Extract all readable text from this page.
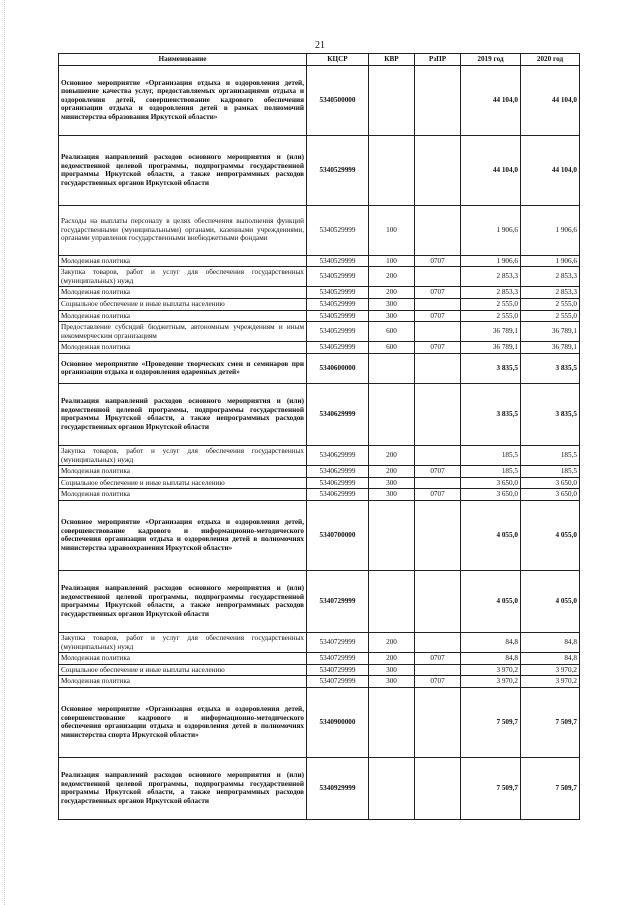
21
Наименование	КЦСР	КВР	РзПР	2019 год	2020 год
Основное мероприятие «Организация отдыха и оздоровления детей, повышение качества услуг, предоставляемых организациями отдыха и оздоровления детей, совершенствование кадрового обеспечения организации отдыха и оздоровления детей в рамках полномочий министерства образования Иркутской области»	5340500000			44 104,0	44 104,0
Реализация направлений расходов основного мероприятия и (или) ведомственной целевой программы, подпрограммы государственной программы Иркутской области, а также непрограммных расходов государственных органов Иркутской области	5340529999			44 104,0	44 104,0
Расходы на выплаты персоналу в целях обеспечения выполнения функций государственными (муниципальными) органами, казенными учреждениями, органами управления государственными внебюджетными фондами	5340529999	100		1 906,6	1 906,6
Молодежная политика	5340529999	100	0707	1 906,6	1 906,6
Закупка товаров, работ и услуг для обеспечения государственных (муниципальных) нужд	5340529999	200		2 853,3	2 853,3
Молодежная политика	5340529999	200	0707	2 853,3	2 853,3
Социальное обеспечение и иные выплаты населению	5340529999	300		2 555,0	2 555,0
Молодежная политика	5340529999	300	0707	2 555,0	2 555,0
Предоставление субсидий бюджетным, автономным учреждениям и иным некоммерческим организациям	5340529999	600		36 789,1	36 789,1
Молодежная политика	5340529999	600	0707	36 789,1	36 789,1
Основное мероприятие «Проведение творческих смен и семинаров при организации отдыха и оздоровления одаренных детей»	5340600000			3 835,5	3 835,5
Реализация направлений расходов основного мероприятия и (или) ведомственной целевой программы, подпрограммы государственной программы Иркутской области, а также непрограммных расходов государственных органов Иркутской области	5340629999			3 835,5	3 835,5
Закупка товаров, работ и услуг для обеспечения государственных (муниципальных) нужд	5340629999	200		185,5	185,5
Молодежная политика	5340629999	200	0707	185,5	185,5
Социальное обеспечение и иные выплаты населению	5340629999	300		3 650,0	3 650,0
Молодежная политика	5340629999	300	0707	3 650,0	3 650,0
Основное мероприятие «Организация отдыха и оздоровления детей, совершенствование кадрового и информационно-методического обеспечения организации отдыха и оздоровления детей в полномочиях министерства здравоохранения Иркутской области»	5340700000			4 055,0	4 055,0
Реализация направлений расходов основного мероприятия и (или) ведомственной целевой программы, подпрограммы государственной программы Иркутской области, а также непрограммных расходов государственных органов Иркутской области	5340729999			4 055,0	4 055,0
Закупка товаров, работ и услуг для обеспечения государственных (муниципальных) нужд	5340729999	200		84,8	84,8
Молодежная политика	5340729999	200	0707	84,8	84,8
Социальное обеспечение и иные выплаты населению	5340729999	300		3 970,2	3 970,2
Молодежная политика	5340729999	300	0707	3 970,2	3 970,2
Основное мероприятие «Организация отдыха и оздоровления детей, совершенствование кадрового и информационно-методического обеспечения организации отдыха и оздоровления детей в полномочиях министерства спорта Иркутской области»	5340900000			7 509,7	7 509,7
Реализация направлений расходов основного мероприятия и (или) ведомственной целевой программы, подпрограммы государственной программы Иркутской области, а также непрограммных расходов государственных органов Иркутской области	5340929999			7 509,7	7 509,7
